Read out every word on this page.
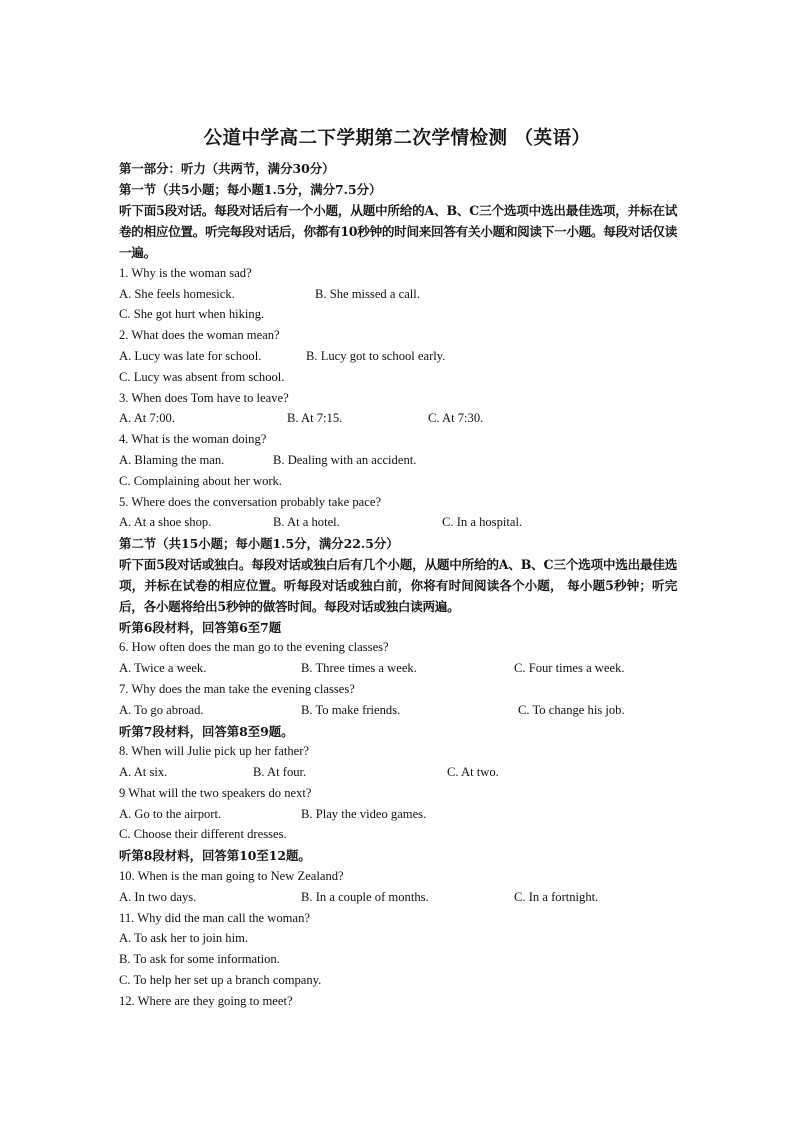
公道中学高二下学期第二次学情检测 （英语）
第一部分：听力（共两节，满分30分）
第一节（共5小题；每小题1.5分，满分7.5分）
听下面5段对话。每段对话后有一个小题，从题中所给的A、B、C三个选项中选出最佳选项，并标在试卷的相应位置。听完每段对话后，你都有10秒钟的时间来回答有关小题和阅读下一小题。每段对话仅读一遍。
1. Why is the woman sad?
A. She feels homesick.	B. She missed a call.
C. She got hurt when hiking.
2. What does the woman mean?
A. Lucy was late for school.	B. Lucy got to school early.
C. Lucy was absent from school.
3. When does Tom have to leave?
A. At 7:00.	B. At 7:15.	C. At 7:30.
4. What is the woman doing?
A. Blaming the man.	B. Dealing with an accident.
C. Complaining about her work.
5. Where does the conversation probably take pace?
A. At a shoe shop.	B. At a hotel.	C. In a hospital.
第二节（共15小题；每小题1.5分，满分22.5分）
听下面5段对话或独白。每段对话或独白后有几个小题，从题中所给的A、B、C三个选项中选出最佳选项，并标在试卷的相应位置。听每段对话或独白前，你将有时间阅读各个小题， 每小题5秒钟；听完后，各小题将给出5秒钟的做答时间。每段对话或独白读两遍。
听第6段材料，回答第6至7题
6. How often does the man go to the evening classes?
A. Twice a week.	B. Three times a week.	C. Four times a week.
7. Why does the man take the evening classes?
A. To go abroad.	B. To make friends.	C. To change his job.
听第7段材料，回答第8至9题。
8. When will Julie pick up her father?
A. At six.	B. At four.	C. At two.
9 What will the two speakers do next?
A. Go to the airport.	B. Play the video games.
C. Choose their different dresses.
听第8段材料，回答第10至12题。
10. When is the man going to New Zealand?
A. In two days.	B. In a couple of months.	C. In a fortnight.
11. Why did the man call the woman?
A. To ask her to join him.
B. To ask for some information.
C. To help her set up a branch company.
12. Where are they going to meet?
